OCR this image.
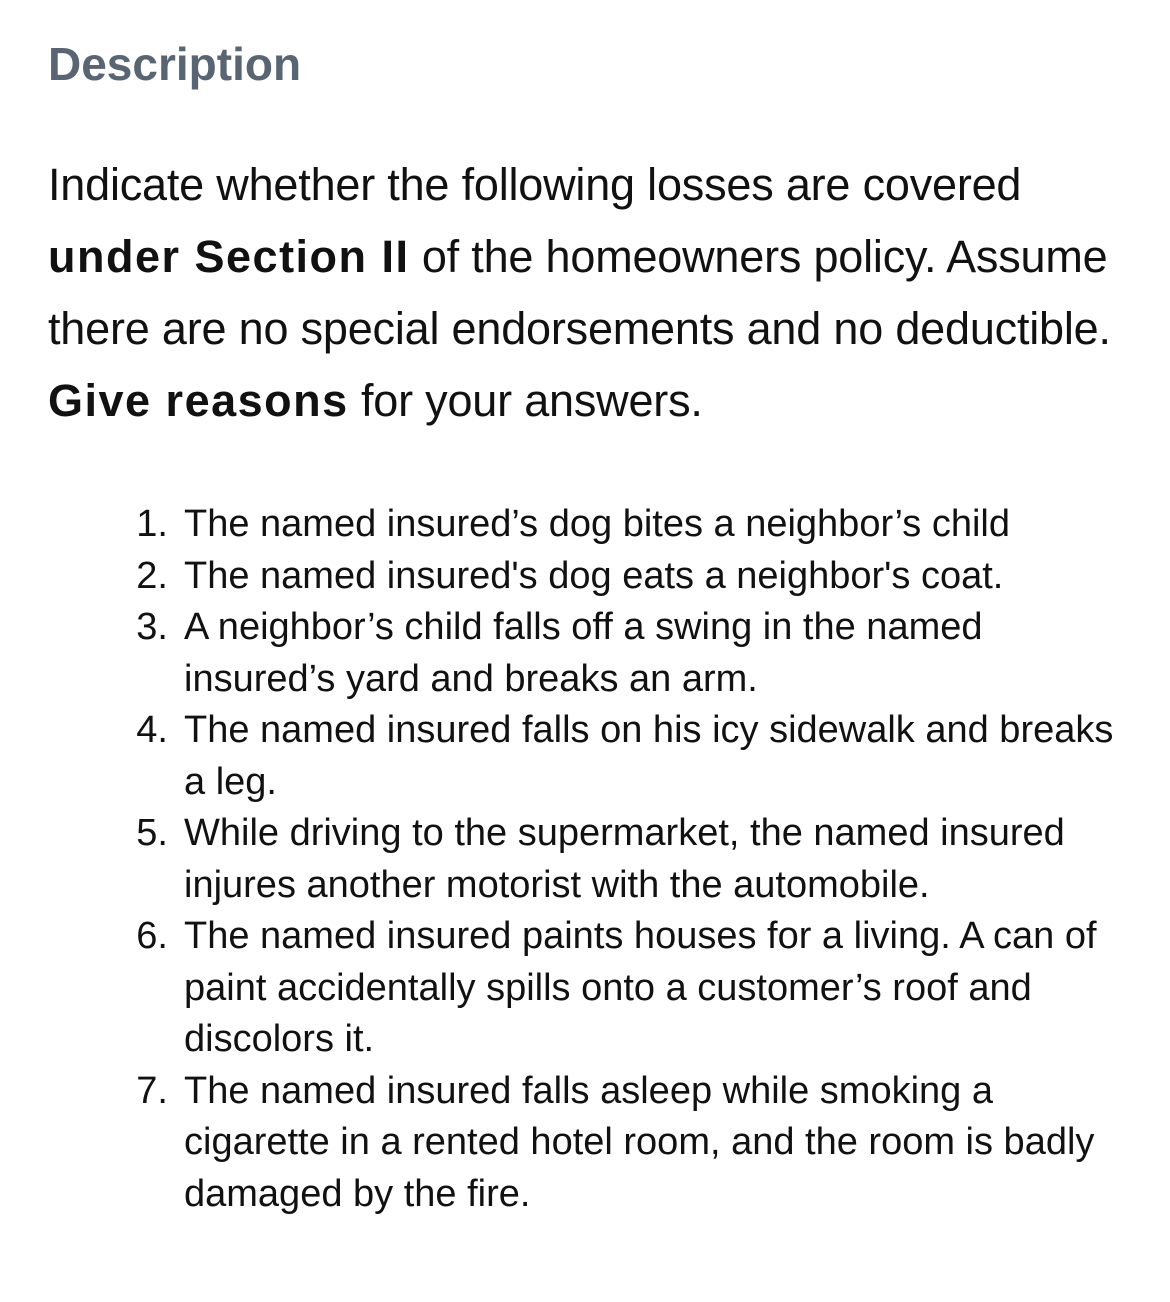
Description

Indicate whether the following losses are covered under Section II of the homeowners policy. Assume there are no special endorsements and no deductible. Give reasons for your answers.

1. The named insured’s dog bites a neighbor’s child
2. The named insured's dog eats a neighbor's coat.
3. A neighbor’s child falls off a swing in the named insured’s yard and breaks an arm.
4. The named insured falls on his icy sidewalk and breaks a leg.
5. While driving to the supermarket, the named insured injures another motorist with the automobile.
6. The named insured paints houses for a living. A can of paint accidentally spills onto a customer’s roof and discolors it.
7. The named insured falls asleep while smoking a cigarette in a rented hotel room, and the room is badly damaged by the fire.
